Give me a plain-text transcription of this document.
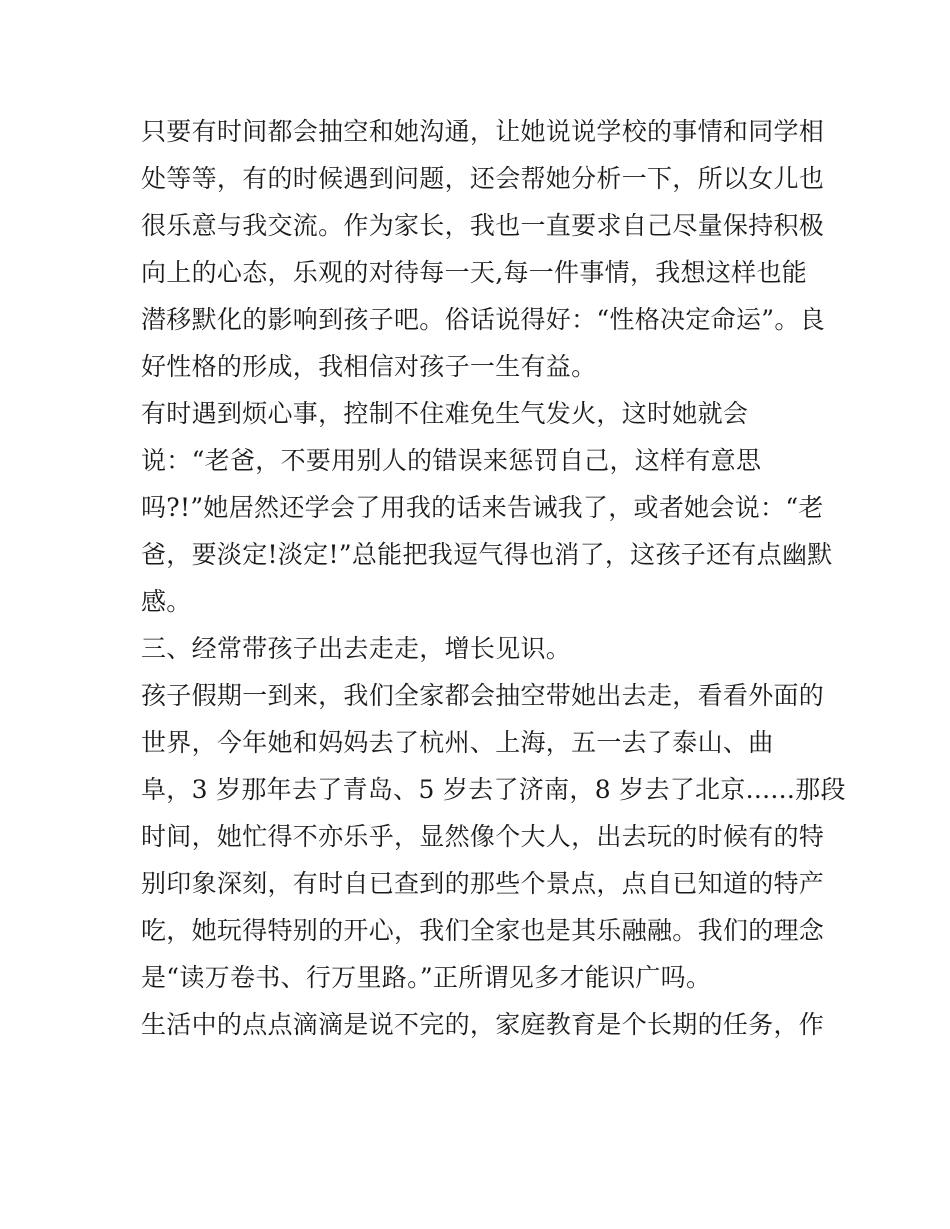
只要有时间都会抽空和她沟通，让她说说学校的事情和同学相
处等等，有的时候遇到问题，还会帮她分析一下，所以女儿也
很乐意与我交流。作为家长，我也一直要求自己尽量保持积极
向上的心态，乐观的对待每一天,每一件事情，我想这样也能
潜移默化的影响到孩子吧。俗话说得好：“性格决定命运”。良
好性格的形成，我相信对孩子一生有益。
有时遇到烦心事，控制不住难免生气发火，这时她就会
说：“老爸，不要用别人的错误来惩罚自己，这样有意思
吗?!”她居然还学会了用我的话来告诫我了，或者她会说：“老
爸，要淡定!淡定!”总能把我逗气得也消了，这孩子还有点幽默
感。
三、经常带孩子出去走走，增长见识。
孩子假期一到来，我们全家都会抽空带她出去走，看看外面的
世界，今年她和妈妈去了杭州、上海，五一去了泰山、曲
阜，3 岁那年去了青岛、5 岁去了济南，8 岁去了北京......那段
时间，她忙得不亦乐乎，显然像个大人，出去玩的时候有的特
别印象深刻，有时自已查到的那些个景点，点自已知道的特产
吃，她玩得特别的开心，我们全家也是其乐融融。我们的理念
是“读万卷书、行万里路。”正所谓见多才能识广吗。
生活中的点点滴滴是说不完的，家庭教育是个长期的任务，作
